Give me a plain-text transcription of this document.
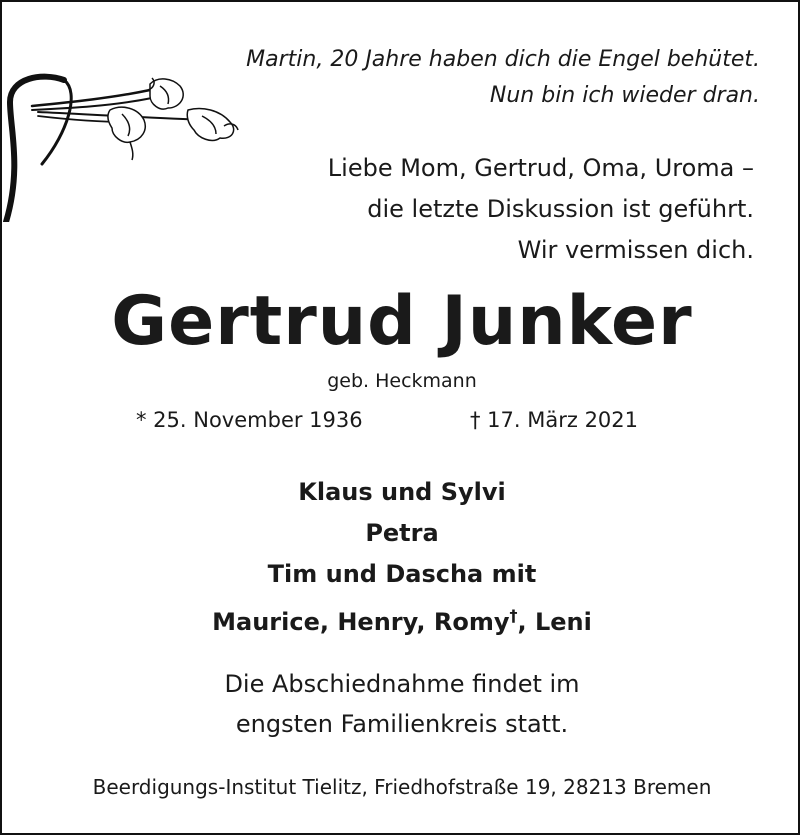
Martin, 20 Jahre haben dich die Engel behütet.
Nun bin ich wieder dran.
Liebe Mom, Gertrud, Oma, Uroma –
die letzte Diskussion ist geführt.
Wir vermissen dich.
Gertrud Junker
geb. Heckmann
* 25. November 1936	† 17. März 2021
Klaus und Sylvi
Petra
Tim und Dascha mit
Maurice, Henry, Romy†, Leni
Die Abschiednahme findet im
engsten Familienkreis statt.
Beerdigungs-Institut Tielitz, Friedhofstraße 19, 28213 Bremen
